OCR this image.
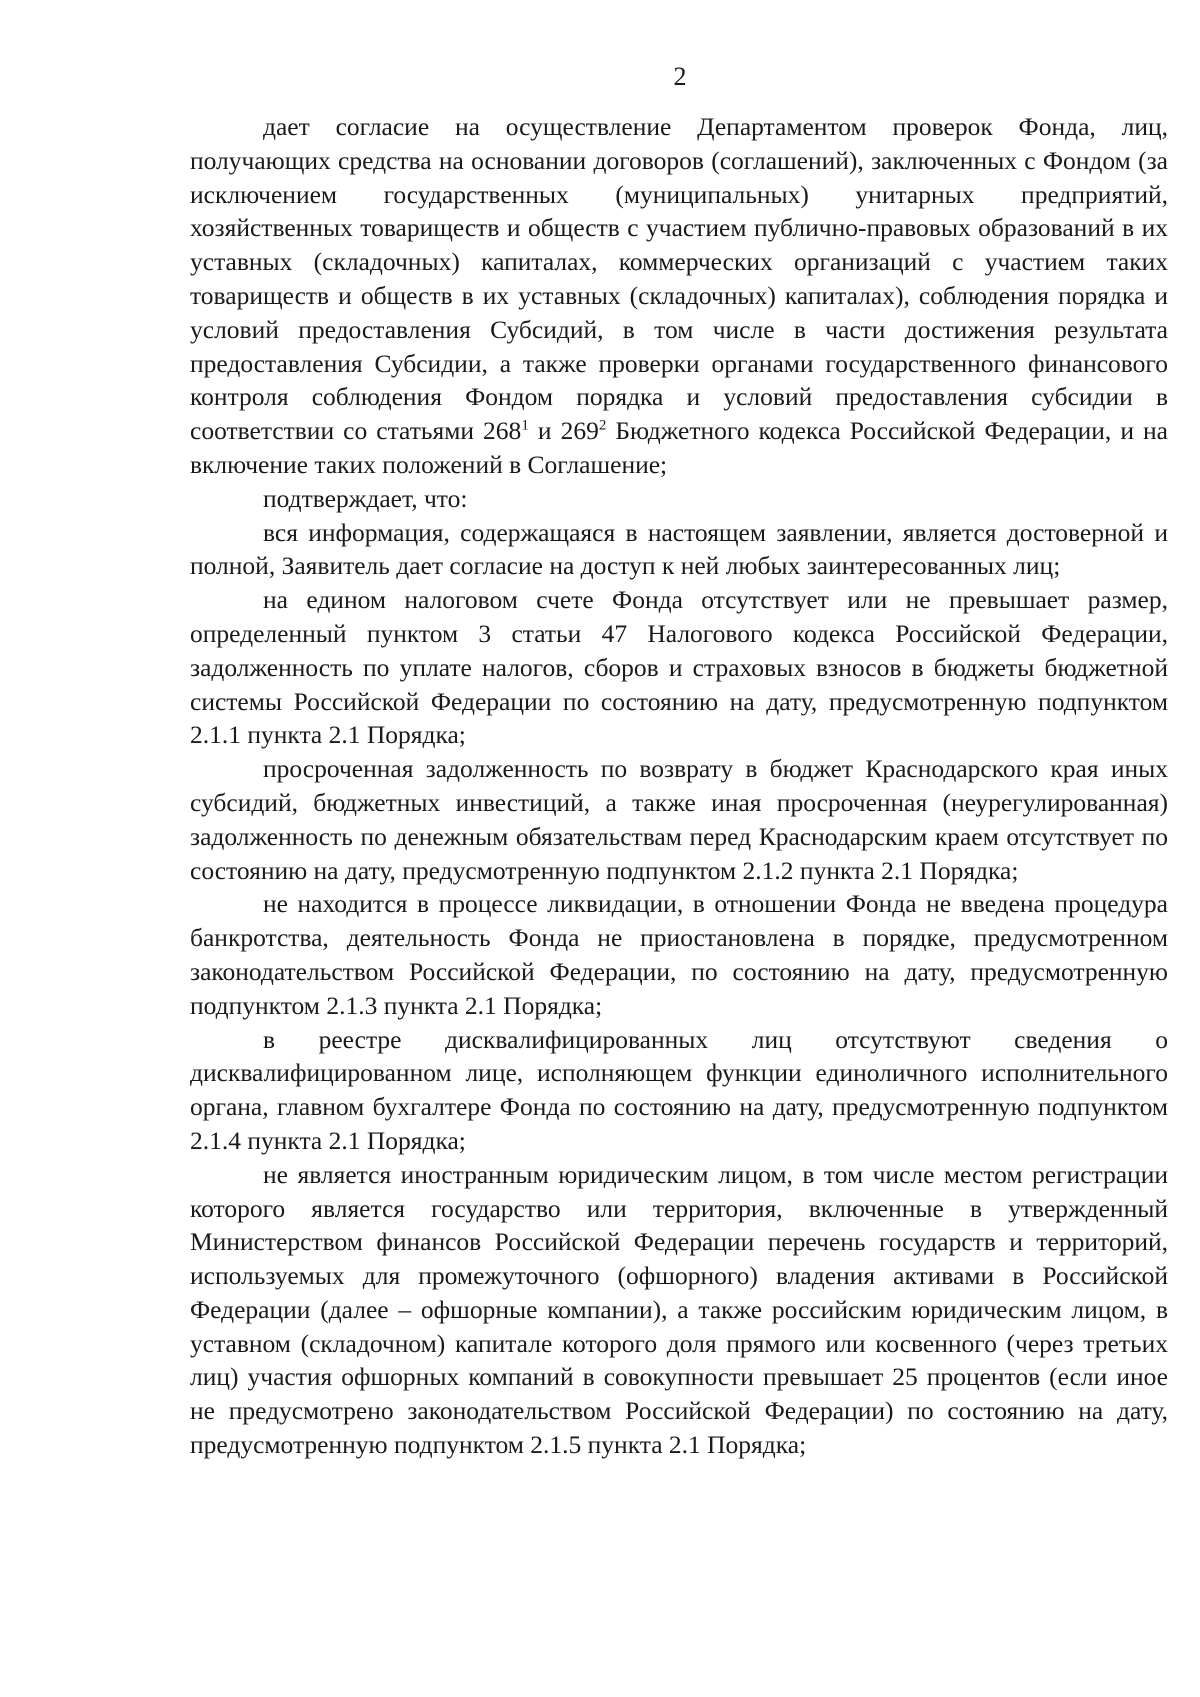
2

дает согласие на осуществление Департаментом проверок Фонда, лиц, получающих средства на основании договоров (соглашений), заключенных с Фондом (за исключением государственных (муниципальных) унитарных предприятий, хозяйственных товариществ и обществ с участием публично-правовых образований в их уставных (складочных) капиталах, коммерческих организаций с участием таких товариществ и обществ в их уставных (складочных) капиталах), соблюдения порядка и условий предоставления Субсидий, в том числе в части достижения результата предоставления Субсидии, а также проверки органами государственного финансового контроля соблюдения Фондом порядка и условий предоставления субсидии в соответствии со статьями $268^1$ и $269^2$ Бюджетного кодекса Российской Федерации, и на включение таких положений в Соглашение;

подтверждает, что:

вся информация, содержащаяся в настоящем заявлении, является достоверной и полной, Заявитель дает согласие на доступ к ней любых заинтересованных лиц;

на едином налоговом счете Фонда отсутствует или не превышает размер, определенный пунктом 3 статьи 47 Налогового кодекса Российской Федерации, задолженность по уплате налогов, сборов и страховых взносов в бюджеты бюджетной системы Российской Федерации по состоянию на дату, предусмотренную подпунктом 2.1.1 пункта 2.1 Порядка;

просроченная задолженность по возврату в бюджет Краснодарского края иных субсидий, бюджетных инвестиций, а также иная просроченная (неурегулированная) задолженность по денежным обязательствам перед Краснодарским краем отсутствует по состоянию на дату, предусмотренную подпунктом 2.1.2 пункта 2.1 Порядка;

не находится в процессе ликвидации, в отношении Фонда не введена процедура банкротства, деятельность Фонда не приостановлена в порядке, предусмотренном законодательством Российской Федерации, по состоянию на дату, предусмотренную подпунктом 2.1.3 пункта 2.1 Порядка;

в реестре дисквалифицированных лиц отсутствуют сведения о дисквалифицированном лице, исполняющем функции единоличного исполнительного органа, главном бухгалтере Фонда по состоянию на дату, предусмотренную подпунктом 2.1.4 пункта 2.1 Порядка;

не является иностранным юридическим лицом, в том числе местом регистрации которого является государство или территория, включенные в утвержденный Министерством финансов Российской Федерации перечень государств и территорий, используемых для промежуточного (офшорного) владения активами в Российской Федерации (далее – офшорные компании), а также российским юридическим лицом, в уставном (складочном) капитале которого доля прямого или косвенного (через третьих лиц) участия офшорных компаний в совокупности превышает 25 процентов (если иное не предусмотрено законодательством Российской Федерации) по состоянию на дату, предусмотренную подпунктом 2.1.5 пункта 2.1 Порядка;
